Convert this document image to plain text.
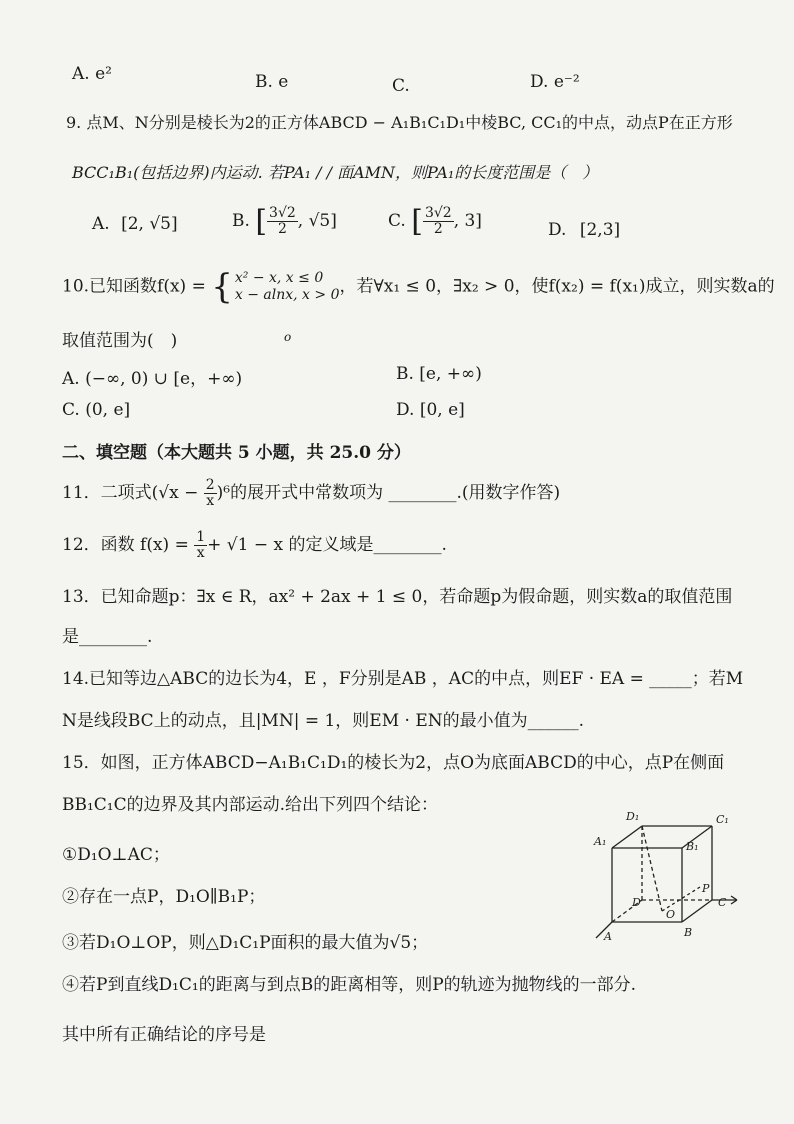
A. e²	B. e	C.	D. e⁻²
9. 点M、N分别是棱长为2的正方体ABCD − A₁B₁C₁D₁中棱BC, CC₁的中点，动点P在正方形
BCC₁B₁(包括边界)内运动. 若PA₁ / / 面AMN，则PA₁的长度范围是（　）
A. [2, √5]	B. [ $\frac{3√2}{2}$ , √5]	C. [ $\frac{3√2}{2}$ , 3]	D. [2,3]
10.已知函数f(x) = { x² − x, x ≤ 0
x − alnx, x > 0 ，若∀x₁ ≤ 0，∃x₂ > 0，使f(x₂) = f(x₁)成立，则实数a的
取值范围为(　)	o
A. (−∞, 0) ∪ [e，+∞)	B. [e, +∞)
C. (0, e]	D. [0, e]
二、填空题（本大题共 5 小题，共 25.0 分）
11．二项式$(√x - \frac{2}{x} )^6$的展开式中常数项为 ________.(用数字作答)
12．函数 $f(x) = \frac{1}{x} + √1 - x$ 的定义域是________.
13．已知命题p：∃x ∈ R，ax² + 2ax + 1 ≤ 0，若命题p为假命题，则实数a的取值范围
是________.
14.已知等边△ABC的边长为4，E ，F分别是AB ，AC的中点，则EF · EA = _____；若M
N是线段BC上的动点，且|MN| = 1，则EM · EN的最小值为______.
15．如图，正方体ABCD−A₁B₁C₁D₁的棱长为2，点O为底面ABCD的中心，点P在侧面
BB₁C₁C的边界及其内部运动.给出下列四个结论：
①D₁O⊥AC；
②存在一点P，D₁O∥B₁P；
③若D₁O⊥OP，则△D₁C₁P面积的最大值为√5；
④若P到直线D₁C₁的距离与到点B的距离相等，则P的轨迹为抛物线的一部分.
其中所有正确结论的序号是
D₁	C₁
A₁	B₁
D	C
A	B
O
P
